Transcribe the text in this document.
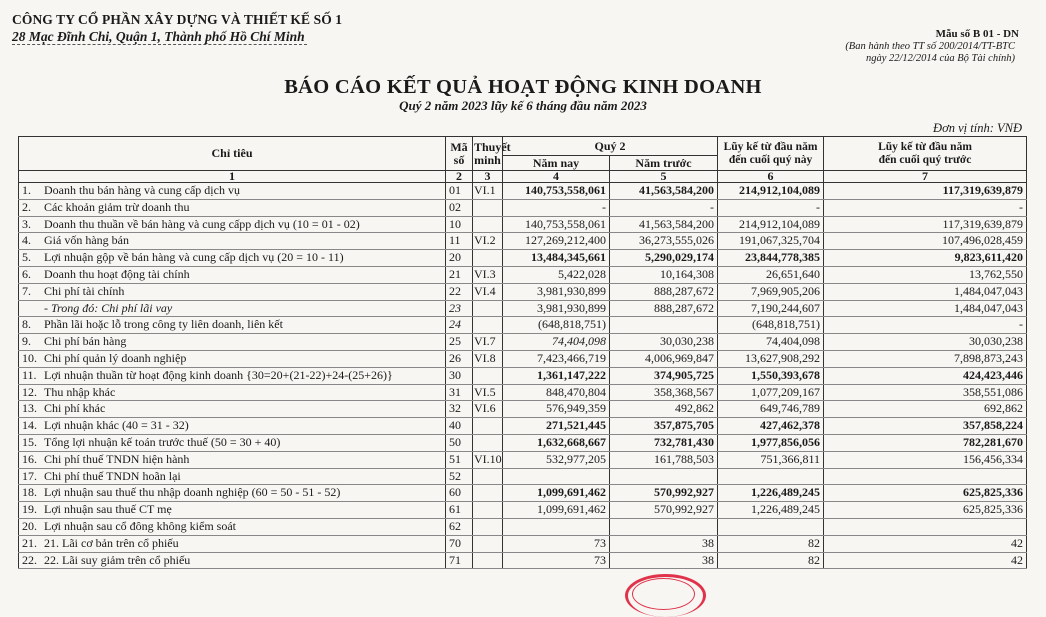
CÔNG TY CỔ PHẦN XÂY DỰNG VÀ THIẾT KẾ SỐ 1
28 Mạc Đĩnh Chi, Quận 1, Thành phố Hồ Chí Minh	Mẫu số B 01 - DN
(Ban hành theo TT số 200/2014/TT-BTC
ngày 22/12/2014 của Bộ Tài chính)
BÁO CÁO KẾT QUẢ HOẠT ĐỘNG KINH DOANH
Quý 2 năm 2023 lũy kế 6 tháng đầu năm 2023
Đơn vị tính: VNĐ
Chỉ tiêu	Mã
số	Thuyết
minh	Quý 2	Lũy kế từ đầu năm
đến cuối quý này	Lũy kế từ đầu năm
đến cuối quý trước
Năm nay	Năm trước
1	2	3	4	5	6	7
1. Doanh thu bán hàng và cung cấp dịch vụ	01	VI.1	140,753,558,061	41,563,584,200	214,912,104,089	117,319,639,879
2. Các khoản giảm trừ doanh thu	02		-	-	-	-
3. Doanh thu thuần về bán hàng và cung cấpp dịch vụ (10 = 01 - 02)	10		140,753,558,061	41,563,584,200	214,912,104,089	117,319,639,879
4. Giá vốn hàng bán	11	VI.2	127,269,212,400	36,273,555,026	191,067,325,704	107,496,028,459
5. Lợi nhuận gộp về bán hàng và cung cấp dịch vụ (20 = 10 - 11)	20		13,484,345,661	5,290,029,174	23,844,778,385	9,823,611,420
6. Doanh thu hoạt động tài chính	21	VI.3	5,422,028	10,164,308	26,651,640	13,762,550
7. Chi phí tài chính	22	VI.4	3,981,930,899	888,287,672	7,969,905,206	1,484,047,043
- Trong đó: Chi phí lãi vay	23		3,981,930,899	888,287,672	7,190,244,607	1,484,047,043
8. Phần lãi hoặc lỗ trong công ty liên doanh, liên kết	24		(648,818,751)		(648,818,751)	-
9. Chi phí bán hàng	25	VI.7	74,404,098	30,030,238	74,404,098	30,030,238
10. Chi phí quản lý doanh nghiệp	26	VI.8	7,423,466,719	4,006,969,847	13,627,908,292	7,898,873,243
11. Lợi nhuận thuần từ hoạt động kinh doanh {30=20+(21-22)+24-(25+26)}	30		1,361,147,222	374,905,725	1,550,393,678	424,423,446
12. Thu nhập khác	31	VI.5	848,470,804	358,368,567	1,077,209,167	358,551,086
13. Chi phí khác	32	VI.6	576,949,359	492,862	649,746,789	692,862
14. Lợi nhuận khác (40 = 31 - 32)	40		271,521,445	357,875,705	427,462,378	357,858,224
15. Tổng lợi nhuận kế toán trước thuế (50 = 30 + 40)	50		1,632,668,667	732,781,430	1,977,856,056	782,281,670
16. Chi phí thuế TNDN hiện hành	51	VI.10	532,977,205	161,788,503	751,366,811	156,456,334
17. Chi phí thuế TNDN hoãn lại	52					
18. Lợi nhuận sau thuế thu nhập doanh nghiệp (60 = 50 - 51 - 52)	60		1,099,691,462	570,992,927	1,226,489,245	625,825,336
19. Lợi nhuận sau thuế CT mẹ	61		1,099,691,462	570,992,927	1,226,489,245	625,825,336
20. Lợi nhuận sau cổ đông không kiểm soát	62					
21. 21. Lãi cơ bản trên cổ phiếu	70		73	38	82	42
22. 22. Lãi suy giảm trên cổ phiếu	71		73	38	82	42
